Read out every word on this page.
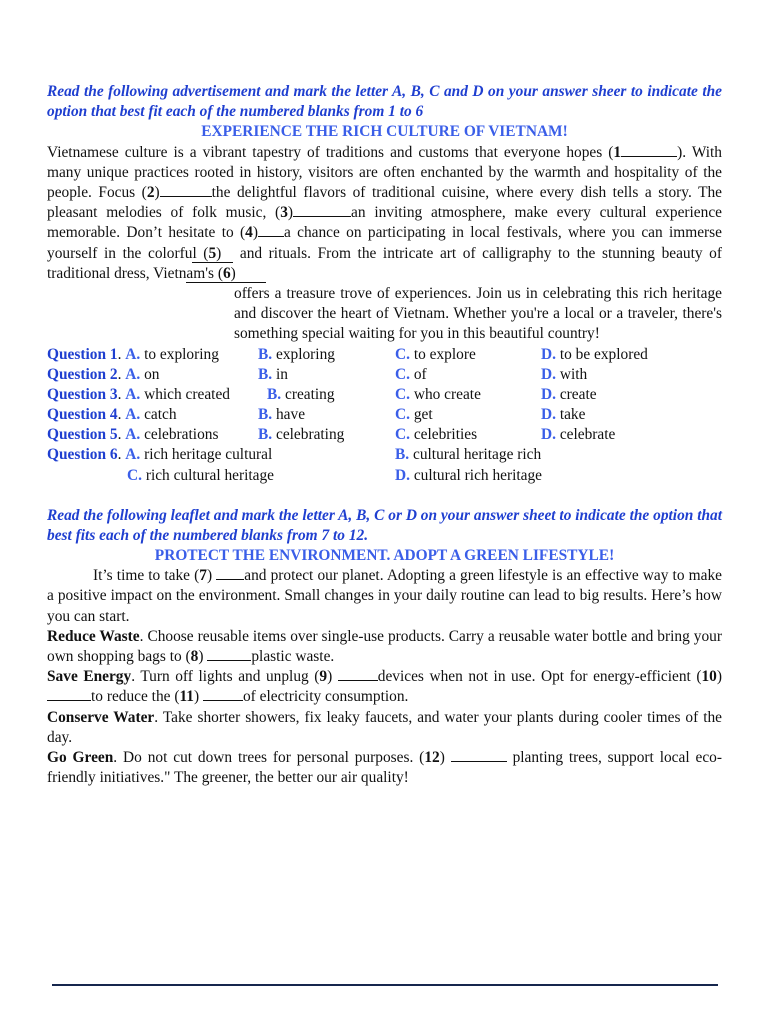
Read the following advertisement and mark the letter A, B, C and D on your answer sheer to indicate the option that best fit each of the numbered blanks from 1 to 6

EXPERIENCE THE RICH CULTURE OF VIETNAM!

Vietnamese culture is a vibrant tapestry of traditions and customs that everyone hopes (1	). With many unique practices rooted in history, visitors are often enchanted by the warmth and hospitality of the people. Focus (2)	the delightful flavors of traditional cuisine, where every dish tells a story. The pleasant melodies of folk music, (3)	an inviting atmosphere, make every cultural experience memorable. Don’t hesitate to (4) a chance on participating in local festivals, where you can immerse yourself in the colorful (5) and rituals. From the intricate art of calligraphy to the stunning beauty of traditional dress, Vietnam's (6)

offers a treasure trove of experiences. Join us in celebrating this rich heritage and discover the heart of Vietnam. Whether you're a local or a traveler, there's something special waiting for you in this beautiful country!

Question 1. A. to exploring	B. exploring	C. to explore	D. to be explored
Question 2. A. on	B. in	C. of	D. with
Question 3. A. which created B. creating	C. who create	D. create
Question 4. A. catch	B. have	C. get	D. take
Question 5. A. celebrations	B. celebrating	C. celebrities	D. celebrate
Question 6. A. rich heritage cultural	B. cultural heritage rich
C. rich cultural heritage	D. cultural rich heritage

Read the following leaflet and mark the letter A, B, C or D on your answer sheet to indicate the option that best fits each of the numbered blanks from 7 to 12.

PROTECT THE ENVIRONMENT. ADOPT A GREEN LIFESTYLE!

It’s time to take (7) and protect our planet. Adopting a green lifestyle is an effective way to make a positive impact on the environment. Small changes in your daily routine can lead to big results. Here’s how you can start.

Reduce Waste. Choose reusable items over single-use products. Carry a reusable water bottle and bring your own shopping bags to (8)	plastic waste.

Save Energy. Turn off lights and unplug (9)	devices when not in use. Opt for energy-efficient (10) to reduce the (11)	of electricity consumption.

Conserve Water. Take shorter showers, fix leaky faucets, and water your plants during cooler times of the day.

Go Green. Do not cut down trees for personal purposes. (12)	planting trees, support local eco-friendly initiatives." The greener, the better our air quality!
